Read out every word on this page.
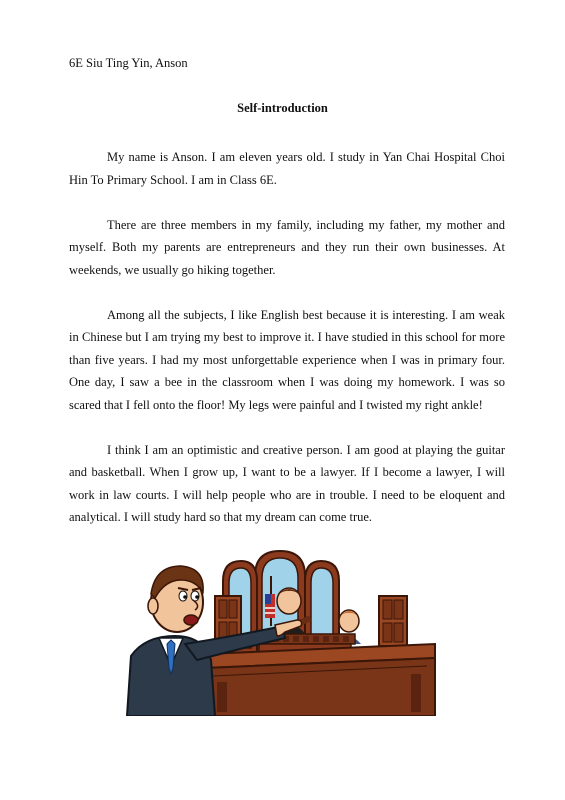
6E Siu Ting Yin, Anson
Self-introduction

My name is Anson. I am eleven years old. I study in Yan Chai Hospital Choi Hin To Primary School. I am in Class 6E.

There are three members in my family, including my father, my mother and myself. Both my parents are entrepreneurs and they run their own businesses. At weekends, we usually go hiking together.

Among all the subjects, I like English best because it is interesting. I am weak in Chinese but I am trying my best to improve it. I have studied in this school for more than five years. I had my most unforgettable experience when I was in primary four. One day, I saw a bee in the classroom when I was doing my homework. I was so scared that I fell onto the floor! My legs were painful and I twisted my right ankle!

I think I am an optimistic and creative person. I am good at playing the guitar and basketball. When I grow up, I want to be a lawyer. If I become a lawyer, I will work in law courts. I will help people who are in trouble. I need to be eloquent and analytical. I will study hard so that my dream can come true.
